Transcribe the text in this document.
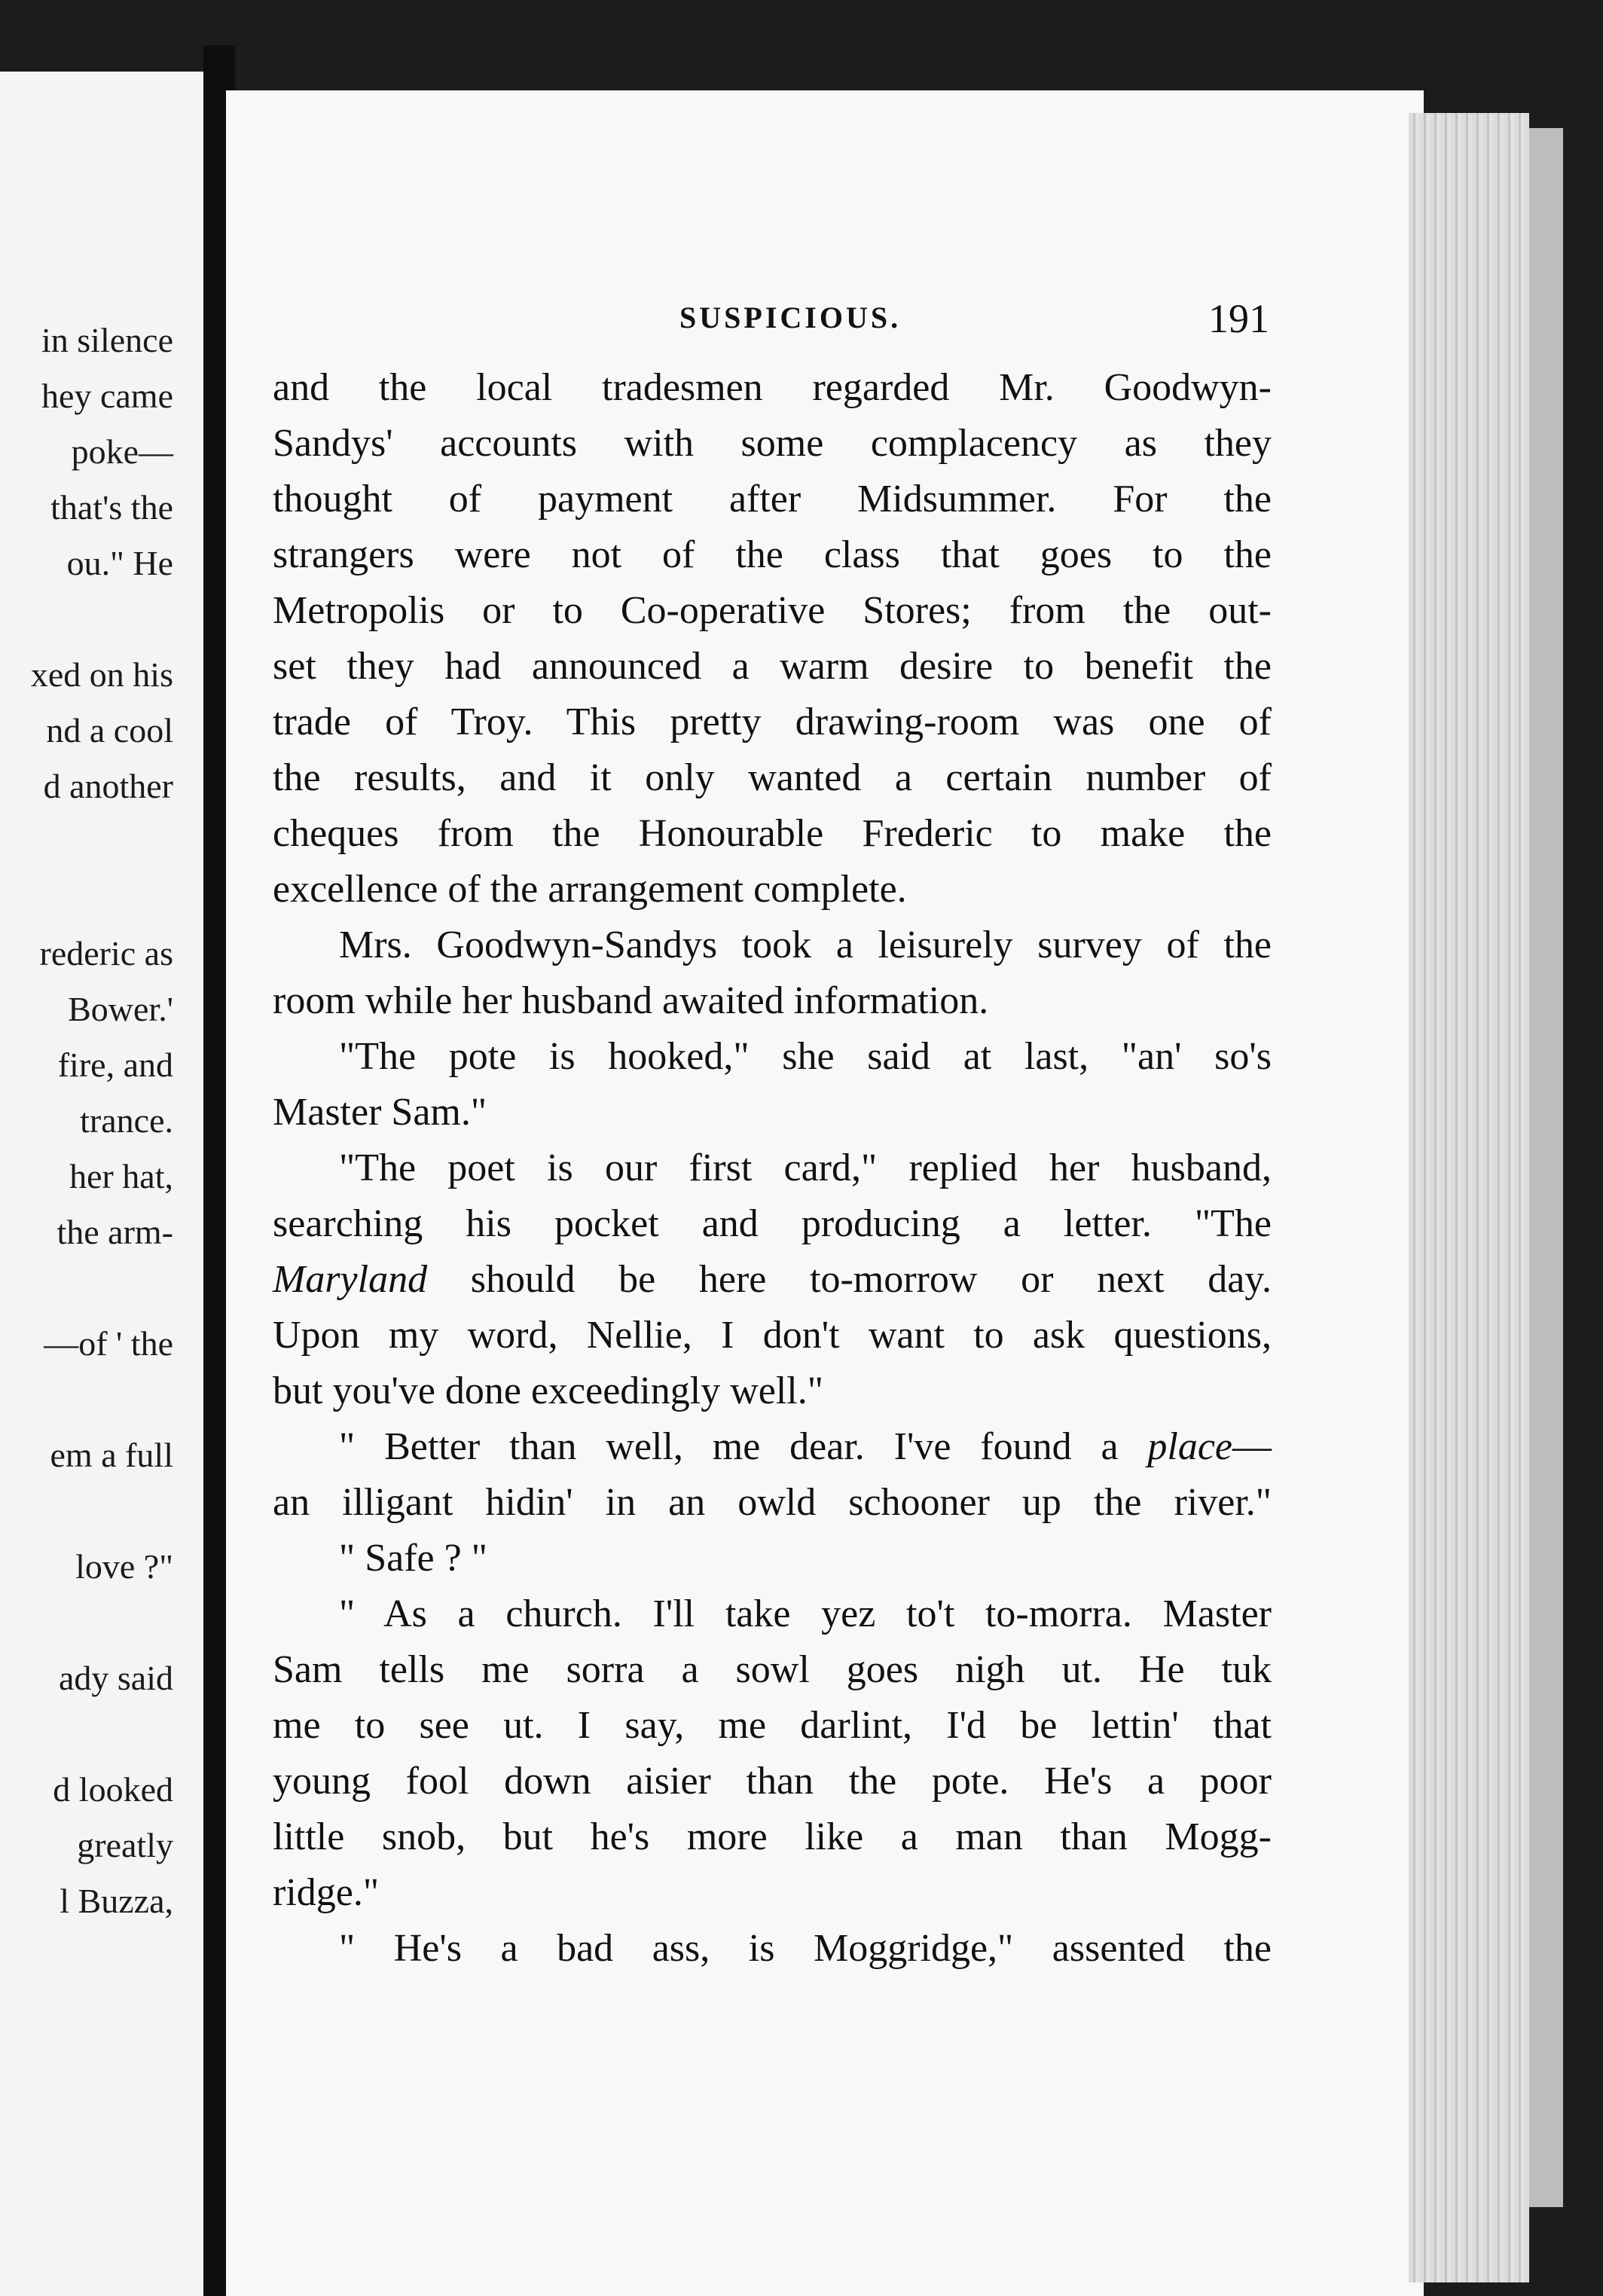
in silence
hey came
poke—
that's the
ou." He
xed on his
nd a cool
d another
rederic as
Bower.'
fire, and
trance.
her hat,
the arm-
—of ' the
em a full
love ?"
ady said
d looked
greatly
l Buzza,
SUSPICIOUS.	191
and the local tradesmen regarded Mr. Goodwyn-
Sandys' accounts with some complacency as they
thought of payment after Midsummer. For the
strangers were not of the class that goes to the
Metropolis or to Co-operative Stores; from the out-
set they had announced a warm desire to benefit the
trade of Troy. This pretty drawing-room was one of
the results, and it only wanted a certain number of
cheques from the Honourable Frederic to make the
excellence of the arrangement complete.
Mrs. Goodwyn-Sandys took a leisurely survey of the
room while her husband awaited information.
"The pote is hooked," she said at last, "an' so's
Master Sam."
"The poet is our first card," replied her husband,
searching his pocket and producing a letter. "The
Maryland should be here to-morrow or next day.
Upon my word, Nellie, I don't want to ask questions,
but you've done exceedingly well."
" Better than well, me dear. I've found a place—
an illigant hidin' in an owld schooner up the river."
" Safe ? "
" As a church. I'll take yez to't to-morra. Master
Sam tells me sorra a sowl goes nigh ut. He tuk
me to see ut. I say, me darlint, I'd be lettin' that
young fool down aisier than the pote. He's a poor
little snob, but he's more like a man than Mogg-
ridge."
" He's a bad ass, is Moggridge," assented the
